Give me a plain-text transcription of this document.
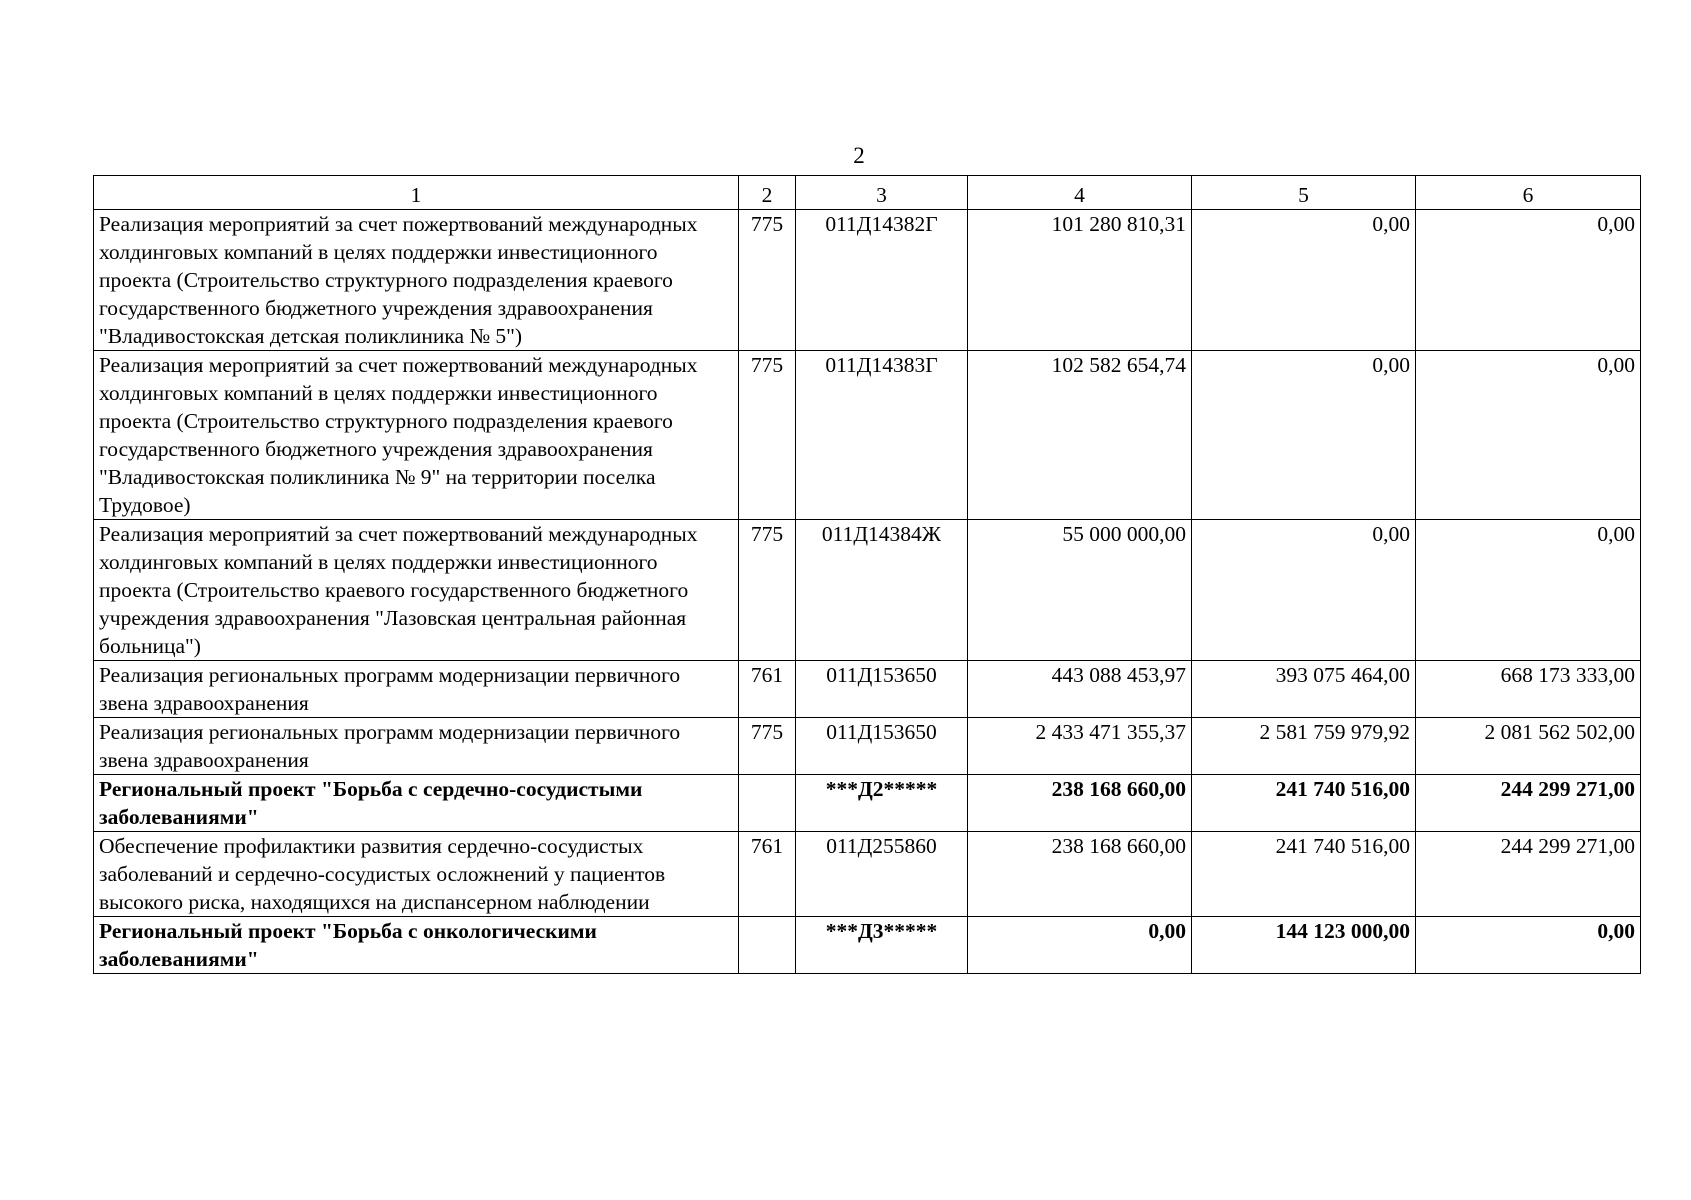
2
1	2	3	4	5	6
Реализация мероприятий за счет пожертвований международных холдинговых компаний в целях поддержки инвестиционного проекта (Строительство структурного подразделения краевого государственного бюджетного учреждения здравоохранения "Владивостокская детская поликлиника № 5")	775	011Д14382Г	101 280 810,31	0,00	0,00
Реализация мероприятий за счет пожертвований международных холдинговых компаний в целях поддержки инвестиционного проекта (Строительство структурного подразделения краевого государственного бюджетного учреждения здравоохранения "Владивостокская поликлиника № 9" на территории поселка Трудовое)	775	011Д14383Г	102 582 654,74	0,00	0,00
Реализация мероприятий за счет пожертвований международных холдинговых компаний в целях поддержки инвестиционного проекта (Строительство краевого государственного бюджетного учреждения здравоохранения "Лазовская центральная районная больница")	775	011Д14384Ж	55 000 000,00	0,00	0,00
Реализация региональных программ модернизации первичного звена здравоохранения	761	011Д153650	443 088 453,97	393 075 464,00	668 173 333,00
Реализация региональных программ модернизации первичного звена здравоохранения	775	011Д153650	2 433 471 355,37	2 581 759 979,92	2 081 562 502,00
Региональный проект "Борьба с сердечно-сосудистыми заболеваниями"		***Д2*****	238 168 660,00	241 740 516,00	244 299 271,00
Обеспечение профилактики развития сердечно-сосудистых заболеваний и сердечно-сосудистых осложнений у пациентов высокого риска, находящихся на диспансерном наблюдении	761	011Д255860	238 168 660,00	241 740 516,00	244 299 271,00
Региональный проект "Борьба с онкологическими заболеваниями"		***Д3*****	0,00	144 123 000,00	0,00
